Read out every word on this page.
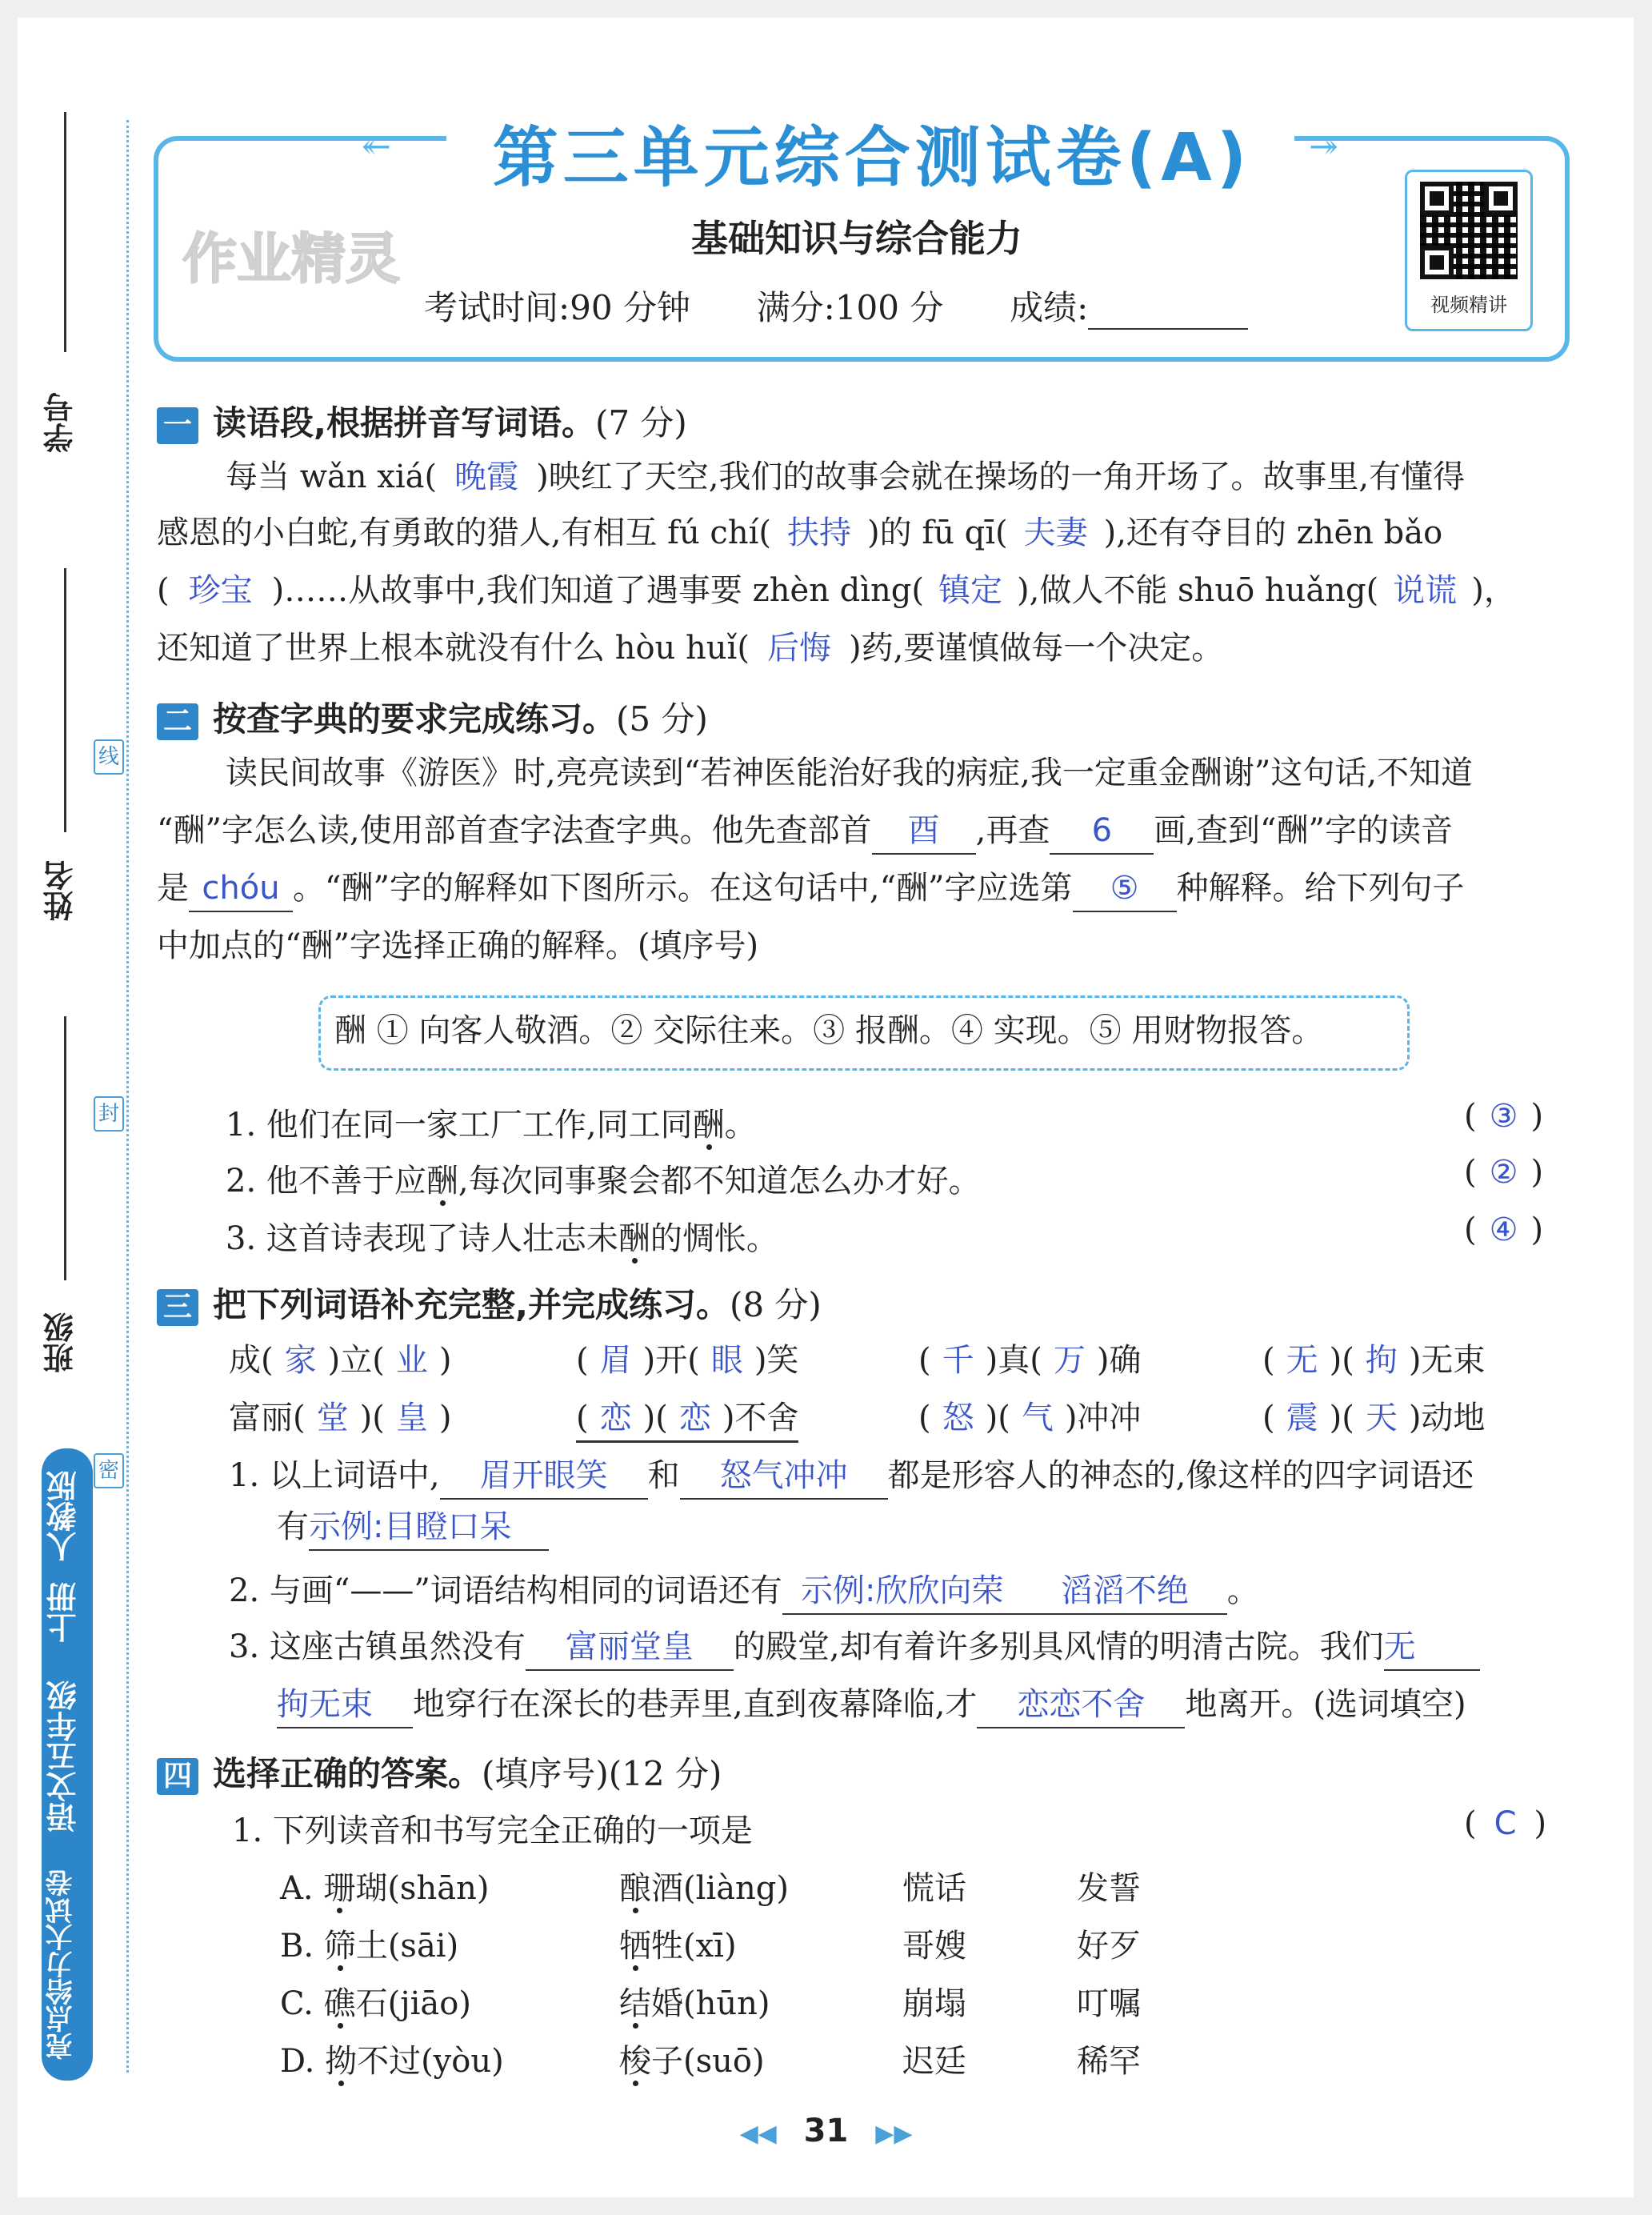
学号
姓名
班级
线
封
密
亮点给力大试卷
语文五年级
上册
人教版
↞	↠
第三单元综合测试卷(A)
作业精灵	基础知识与综合能力
考试时间:90 分钟 满分:100 分 成绩:	视频精讲
一 读语段,根据拼音写词语。(7 分)
每当 wǎn xiá( 晚霞 )映红了天空,我们的故事会就在操场的一角开场了。故事里,有懂得
感恩的小白蛇,有勇敢的猎人,有相互 fú chí( 扶持 )的 fū qī( 夫妻 ),还有夺目的 zhēn bǎo
( 珍宝 )……从故事中,我们知道了遇事要 zhèn dìng( 镇定 ),做人不能 shuō huǎng( 说谎 )，
还知道了世界上根本就没有什么 hòu huǐ( 后悔 )药,要谨慎做每一个决定。
二 按查字典的要求完成练习。(5 分)
读民间故事《游医》时,亮亮读到“若神医能治好我的病症,我一定重金酬谢”这句话,不知道
“酬”字怎么读,使用部首查字法查字典。他先查部首 酉 ,再查 6 画,查到“酬”字的读音
是 chóu 。“酬”字的解释如下图所示。在这句话中,“酬”字应选第 ⑤ 种解释。给下列句子
中加点的“酬”字选择正确的解释。(填序号)
酬 ① 向客人敬酒。② 交际往来。③ 报酬。④ 实现。⑤ 用财物报答。
1. 他们在同一家工厂工作,同工同酬。	( ③ )
2. 他不善于应酬,每次同事聚会都不知道怎么办才好。	( ② )
3. 这首诗表现了诗人壮志未酬的惆怅。	( ④ )
三 把下列词语补充完整,并完成练习。(8 分)
成( 家 )立( 业 )	( 眉 )开( 眼 )笑	( 千 )真( 万 )确	( 无 )( 拘 )无束
富丽( 堂 )( 皇 )	( 恋 )( 恋 )不舍	( 怒 )( 气 )冲冲	( 震 )( 天 )动地
1. 以上词语中, 眉开眼笑 和 怒气冲冲 都是形容人的神态的,像这样的四字词语还
有示例:目瞪口呆
2. 与画“——”词语结构相同的词语还有 示例:欣欣向荣 滔滔不绝 。
3. 这座古镇虽然没有 富丽堂皇 的殿堂,却有着许多别具风情的明清古院。我们无
拘无束 地穿行在深长的巷弄里,直到夜幕降临,才 恋恋不舍 地离开。(选词填空)
四 选择正确的答案。(填序号)(12 分)
1. 下列读音和书写完全正确的一项是	( C )
A. 珊瑚(shān)	酿酒(liàng)	慌话	发誓
B. 筛土(sāi)	牺牲(xī)	哥嫂	好歹
C. 礁石(jiāo)	结婚(hūn)	崩塌	叮嘱
D. 拗不过(yòu)	梭子(suō)	迟廷	稀罕
◀◀ 31 ▶▶
